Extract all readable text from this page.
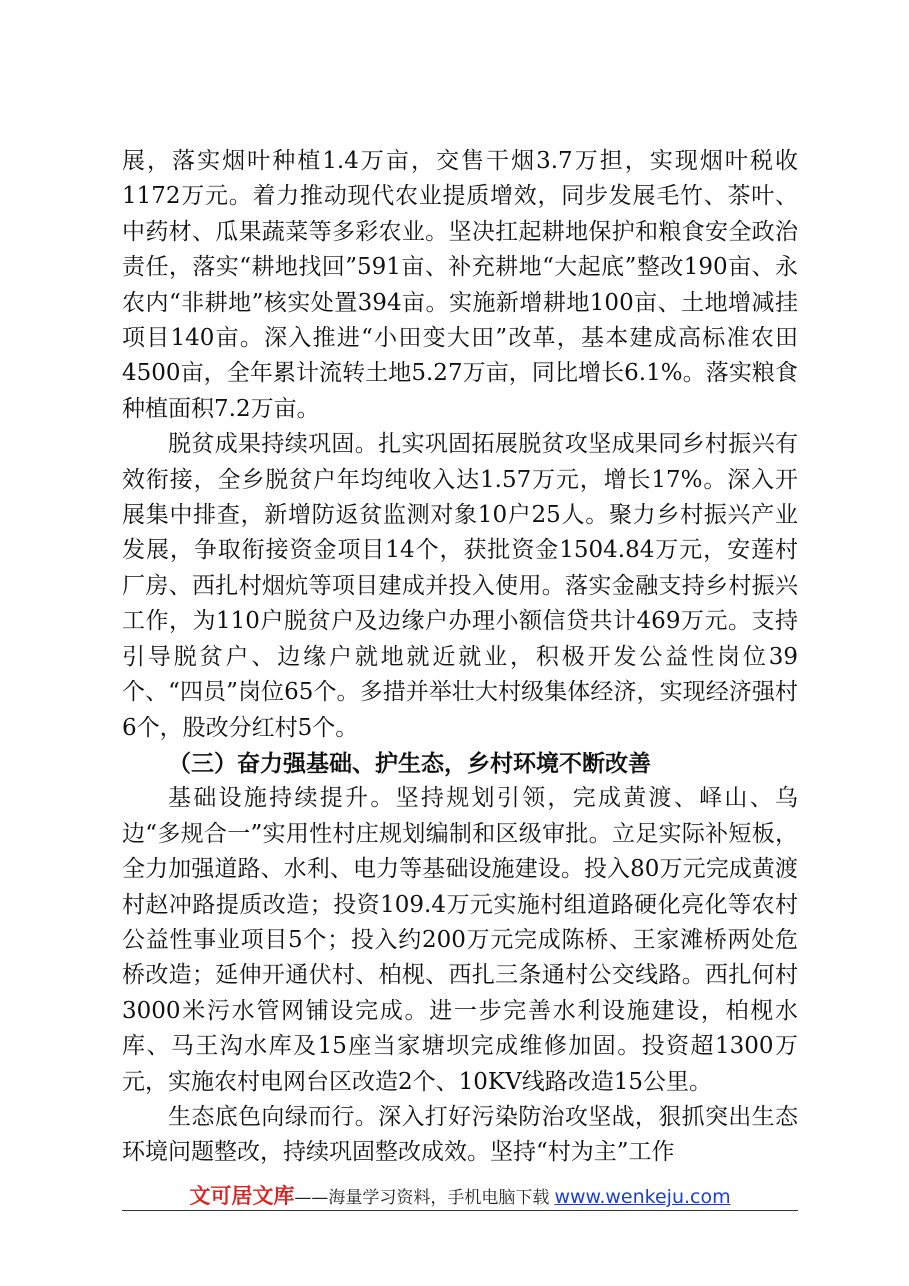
展，落实烟叶种植1.4万亩，交售干烟3.7万担，实现烟叶税收1172万元。着力推动现代农业提质增效，同步发展毛竹、茶叶、中药材、瓜果蔬菜等多彩农业。坚决扛起耕地保护和粮食安全政治责任，落实“耕地找回”591亩、补充耕地“大起底”整改190亩、永农内“非耕地”核实处置394亩。实施新增耕地100亩、土地增减挂项目140亩。深入推进“小田变大田”改革，基本建成高标准农田4500亩，全年累计流转土地5.27万亩，同比增长6.1%。落实粮食种植面积7.2万亩。

脱贫成果持续巩固。扎实巩固拓展脱贫攻坚成果同乡村振兴有效衔接，全乡脱贫户年均纯收入达1.57万元，增长17%。深入开展集中排查，新增防返贫监测对象10户25人。聚力乡村振兴产业发展，争取衔接资金项目14个，获批资金1504.84万元，安莲村厂房、西扎村烟炕等项目建成并投入使用。落实金融支持乡村振兴工作，为110户脱贫户及边缘户办理小额信贷共计469万元。支持引导脱贫户、边缘户就地就近就业，积极开发公益性岗位39个、“四员”岗位65个。多措并举壮大村级集体经济，实现经济强村6个，股改分红村5个。

（三）奋力强基础、护生态，乡村环境不断改善

基础设施持续提升。坚持规划引领，完成黄渡、峄山、乌边“多规合一”实用性村庄规划编制和区级审批。立足实际补短板，全力加强道路、水利、电力等基础设施建设。投入80万元完成黄渡村赵冲路提质改造；投资109.4万元实施村组道路硬化亮化等农村公益性事业项目5个；投入约200万元完成陈桥、王家滩桥两处危桥改造；延伸开通伏村、柏枧、西扎三条通村公交线路。西扎何村3000米污水管网铺设完成。进一步完善水利设施建设，柏枧水库、马王沟水库及15座当家塘坝完成维修加固。投资超1300万元，实施农村电网台区改造2个、10KV线路改造15公里。

生态底色向绿而行。深入打好污染防治攻坚战，狠抓突出生态环境问题整改，持续巩固整改成效。坚持“村为主”工作

文可居文库——海量学习资料，手机电脑下载 www.wenkeju.com
